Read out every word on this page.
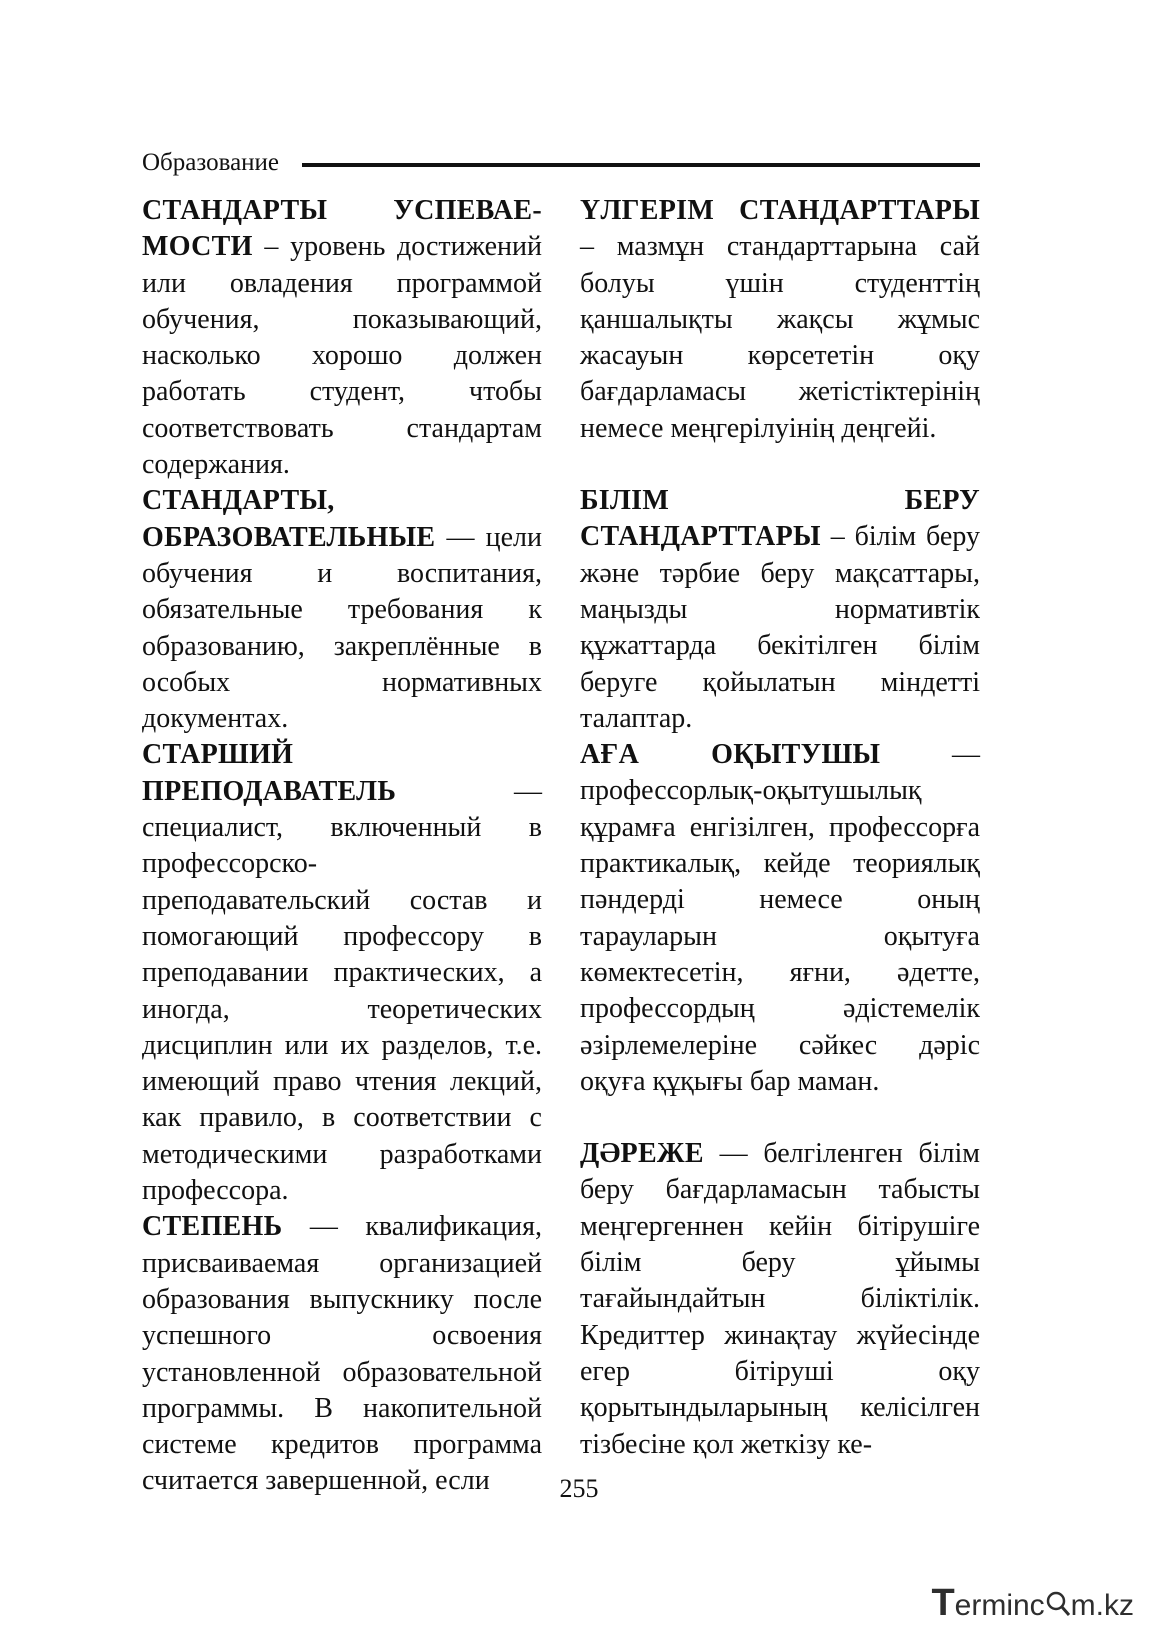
Образование

СТАНДАРТЫ УСПЕВАЕ-МОСТИ – уровень достижений или овладения программой обучения, показывающий, насколько хорошо должен работать студент, чтобы соответствовать стандартам содержания.

СТАНДАРТЫ, ОБРАЗОВАТЕЛЬНЫЕ — цели обучения и воспитания, обязательные требования к образованию, закреплённые в особых нормативных документах.

СТАРШИЙ ПРЕПОДАВАТЕЛЬ — специалист, включенный в профессорско-преподавательский состав и помогающий профессору в преподавании практических, а иногда, теоретических дисциплин или их разделов, т.е. имеющий право чтения лекций, как правило, в соответствии с методическими разработками профессора.

СТЕПЕНЬ — квалификация, присваиваемая организацией образования выпускнику после успешного освоения установленной образовательной программы. В накопительной системе кредитов программа считается завершенной, если

ҮЛГЕРІМ СТАНДАРТТАРЫ – мазмұн стандарттарына сай болуы үшін студенттің қаншалықты жақсы жұмыс жасауын көрсететін оқу бағдарламасы жетістіктерінің немесе меңгерілуінің деңгейі.

БІЛІМ БЕРУ СТАНДАРТТАРЫ – білім беру және тәрбие беру мақсаттары, маңызды нормативтік құжаттарда бекітілген білім беруге қойылатын міндетті талаптар.

АҒА ОҚЫТУШЫ — профессорлық-оқытушылық құрамға енгізілген, профессорға практикалық, кейде теориялық пәндерді немесе оның тарауларын оқытуға көмектесетін, яғни, әдетте, профессордың әдістемелік әзірлемелеріне сәйкес дәріс оқуға құқығы бар маман.

ДӘРЕЖЕ — белгіленген білім беру бағдарламасын табысты меңгергеннен кейін бітірушіге білім беру ұйымы тағайындайтын біліктілік. Кредиттер жинақтау жүйесінде егер бітіруші оқу қорытындыларының келісілген тізбесіне қол жеткізу ке-

255
Terminc m.kz
